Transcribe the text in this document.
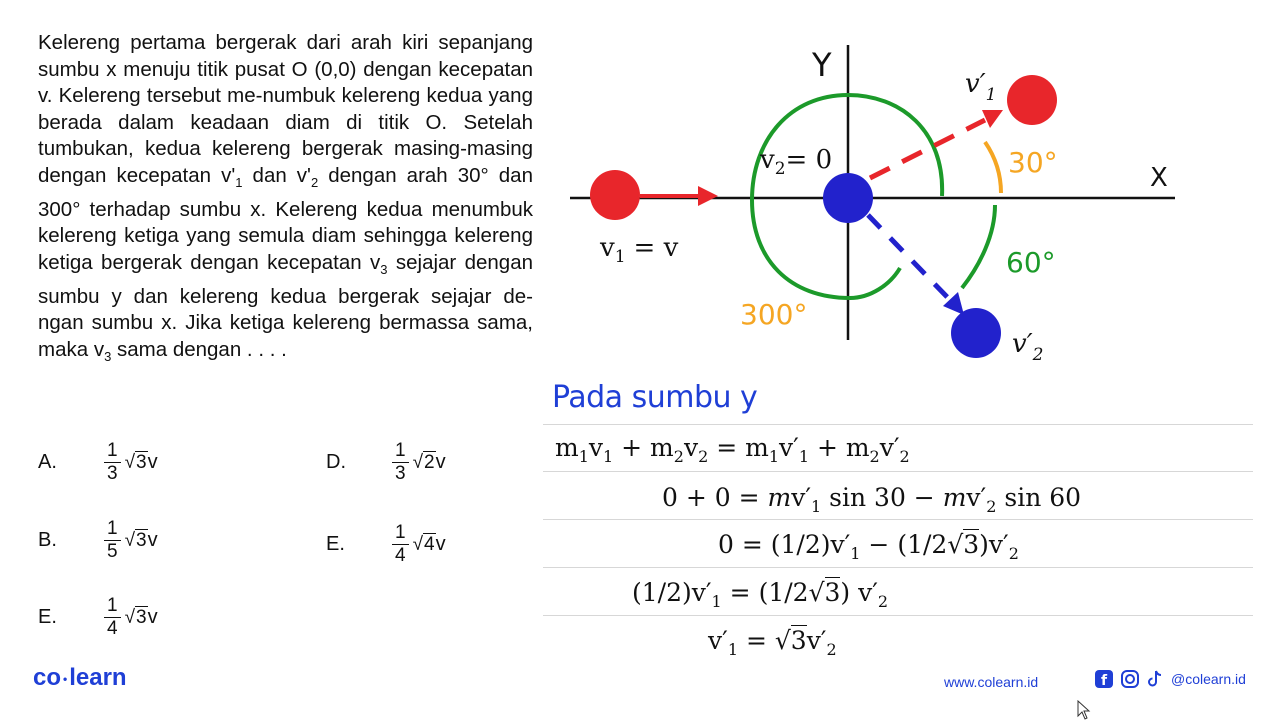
Kelereng pertama bergerak dari arah kiri sepanjang sumbu x menuju titik pusat O (0,0) dengan kecepatan v. Kelereng tersebut me-numbuk kelereng kedua yang berada dalam keadaan diam di titik O. Setelah tumbukan, kedua kelereng bergerak masing-masing dengan kecepatan $v'_1$ dan $v'_2$ dengan arah 30° dan 300° terhadap sumbu x. Kelereng kedua menumbuk kelereng ketiga yang semula diam sehingga kelereng ketiga bergerak dengan kecepatan $v_3$ sejajar dengan sumbu y dan kelereng kedua bergerak sejajar de-ngan sumbu x. Jika ketiga kelereng bermassa sama, maka $v_3$ sama dengan . . . .

A.	$\frac{1}{3} √3$ v
B.	$\frac{1}{5} √3$ v
E.	$\frac{1}{4} √3$ v
D.	$\frac{1}{3} √2$ v
E.	$\frac{1}{4} √4$ v
Y
X
$v_1 = v$
$v_2= 0$
$v'_1$
$v'_2$
30°
60°
300°
Pada sumbu y
$m_1v_1 + m_2v_2 = m_1v'_1 + m_2v'_2$
$0 + 0 = mv'_1$ $\sin 30 - mv'_2$ sin 60
$0 = (1/2)v'_1 - (1/2√3)v'_2$
$(1/2)v'_1 = (1/2√3)$ $v'_2$
$v'_1 = √3v'_2$
co •learn	www.colearn.id	f	@colearn.id
